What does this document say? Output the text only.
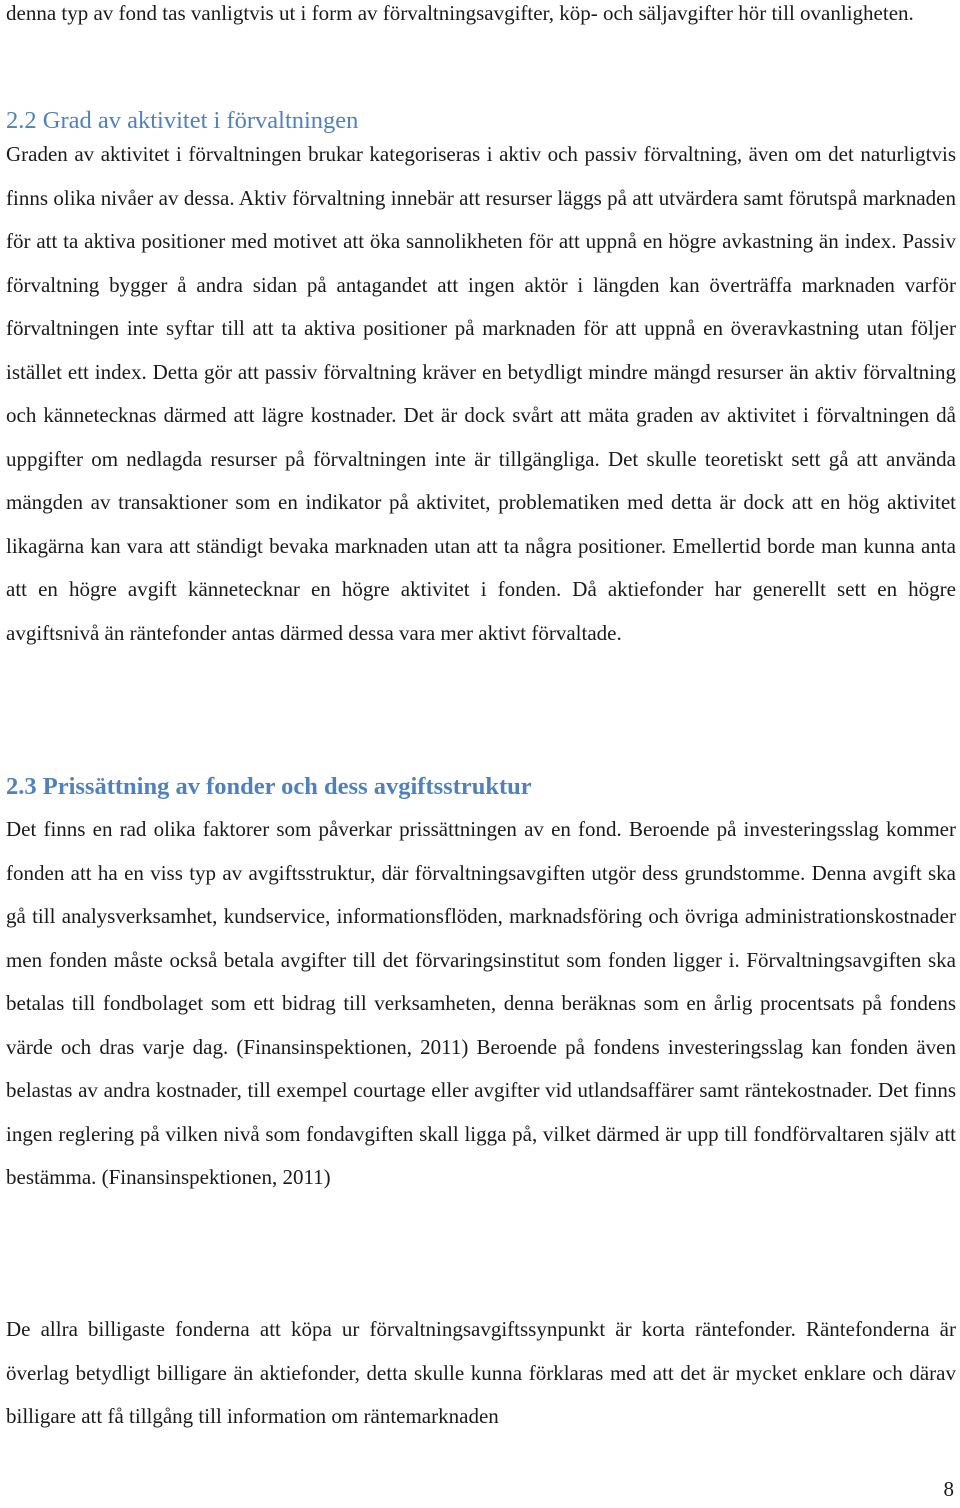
denna typ av fond tas vanligtvis ut i form av förvaltningsavgifter, köp- och säljavgifter hör till ovanligheten.

2.2 Grad av aktivitet i förvaltningen

Graden av aktivitet i förvaltningen brukar kategoriseras i aktiv och passiv förvaltning, även om det naturligtvis finns olika nivåer av dessa. Aktiv förvaltning innebär att resurser läggs på att utvärdera samt förutspå marknaden för att ta aktiva positioner med motivet att öka sannolikheten för att uppnå en högre avkastning än index. Passiv förvaltning bygger å andra sidan på antagandet att ingen aktör i längden kan överträffa marknaden varför förvaltningen inte syftar till att ta aktiva positioner på marknaden för att uppnå en överavkastning utan följer istället ett index. Detta gör att passiv förvaltning kräver en betydligt mindre mängd resurser än aktiv förvaltning och kännetecknas därmed att lägre kostnader. Det är dock svårt att mäta graden av aktivitet i förvaltningen då uppgifter om nedlagda resurser på förvaltningen inte är tillgängliga. Det skulle teoretiskt sett gå att använda mängden av transaktioner som en indikator på aktivitet, problematiken med detta är dock att en hög aktivitet likagärna kan vara att ständigt bevaka marknaden utan att ta några positioner. Emellertid borde man kunna anta att en högre avgift kännetecknar en högre aktivitet i fonden. Då aktiefonder har generellt sett en högre avgiftsnivå än räntefonder antas därmed dessa vara mer aktivt förvaltade.

2.3 Prissättning av fonder och dess avgiftsstruktur

Det finns en rad olika faktorer som påverkar prissättningen av en fond. Beroende på investeringsslag kommer fonden att ha en viss typ av avgiftsstruktur, där förvaltningsavgiften utgör dess grundstomme. Denna avgift ska gå till analysverksamhet, kundservice, informationsflöden, marknadsföring och övriga administrationskostnader men fonden måste också betala avgifter till det förvaringsinstitut som fonden ligger i. Förvaltningsavgiften ska betalas till fondbolaget som ett bidrag till verksamheten, denna beräknas som en årlig procentsats på fondens värde och dras varje dag. (Finansinspektionen, 2011) Beroende på fondens investeringsslag kan fonden även belastas av andra kostnader, till exempel courtage eller avgifter vid utlandsaffärer samt räntekostnader. Det finns ingen reglering på vilken nivå som fondavgiften skall ligga på, vilket därmed är upp till fondförvaltaren själv att bestämma. (Finansinspektionen, 2011)

De allra billigaste fonderna att köpa ur förvaltningsavgiftssynpunkt är korta räntefonder. Räntefonderna är överlag betydligt billigare än aktiefonder, detta skulle kunna förklaras med att det är mycket enklare och därav billigare att få tillgång till information om räntemarknaden

8
